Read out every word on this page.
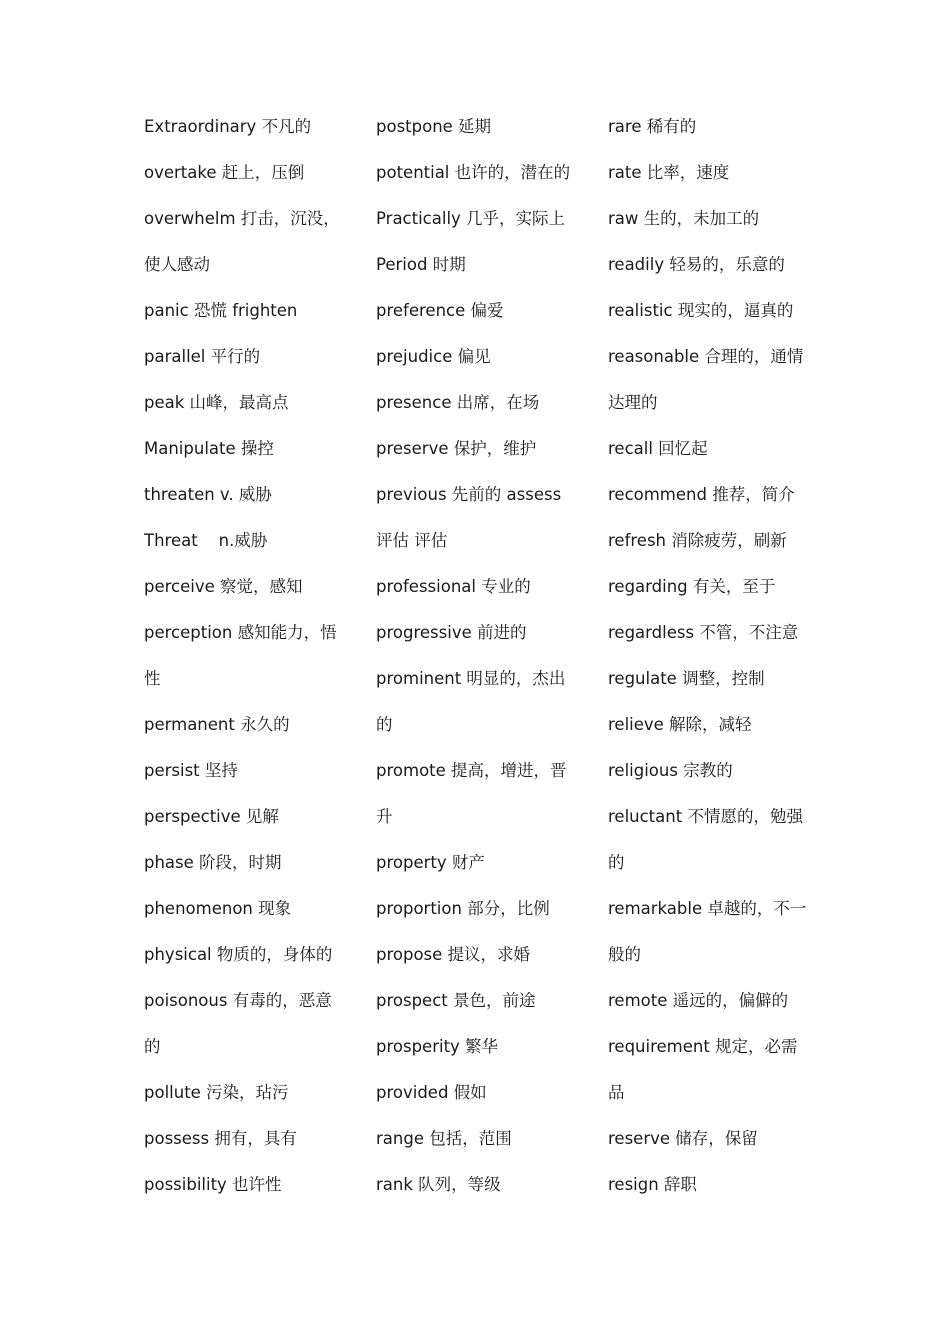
Extraordinary 不凡的
overtake 赶上，压倒
overwhelm 打击，沉没，
使人感动
panic 恐慌 frighten
parallel 平行的
peak 山峰，最高点
Manipulate 操控
threaten v. 威胁
Threat    n.威胁
perceive 察觉，感知
perception 感知能力，悟
性
permanent 永久的
persist 坚持
perspective 见解
phase 阶段，时期
phenomenon 现象
physical 物质的，身体的
poisonous 有毒的，恶意
的
pollute 污染，玷污
possess 拥有，具有
possibility 也许性
postpone 延期
potential 也许的，潜在的
Practically 几乎，实际上
Period 时期
preference 偏爱
prejudice 偏见
presence 出席，在场
preserve 保护，维护
previous 先前的 assess
评估 评估
professional 专业的
progressive 前进的
prominent 明显的，杰出
的
promote 提高，增进，晋
升
property 财产
proportion 部分，比例
propose 提议，求婚
prospect 景色，前途
prosperity 繁华
provided 假如
range 包括，范围
rank 队列，等级
rare 稀有的
rate 比率，速度
raw 生的，未加工的
readily 轻易的，乐意的
realistic 现实的，逼真的
reasonable 合理的，通情
达理的
recall 回忆起
recommend 推荐，简介
refresh 消除疲劳，刷新
regarding 有关，至于
regardless 不管，不注意
regulate 调整，控制
relieve 解除，减轻
religious 宗教的
reluctant 不情愿的，勉强
的
remarkable 卓越的，不一
般的
remote 遥远的，偏僻的
requirement 规定，必需
品
reserve 储存，保留
resign 辞职
